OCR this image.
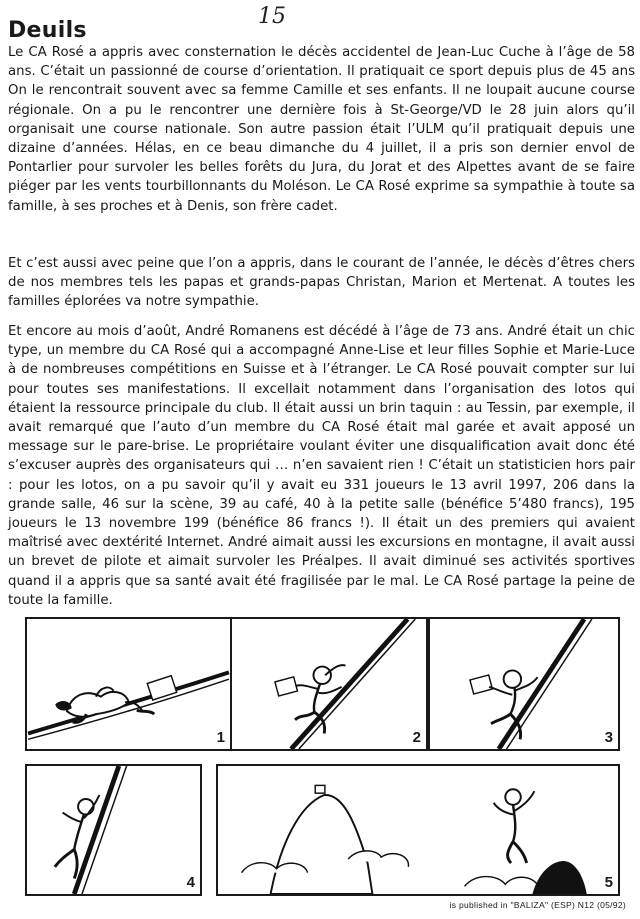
15
Deuils

Le CA Rosé a appris avec consternation le décès accidentel de Jean-Luc Cuche à l’âge de 58 ans. C’était un passionné de course d’orientation. Il pratiquait ce sport depuis plus de 45 ans On le rencontrait souvent avec sa femme Camille et ses enfants. Il ne loupait aucune course régionale. On a pu le rencontrer une dernière fois à St-George/VD le 28 juin alors qu’il organisait une course nationale. Son autre passion était l’ULM qu’il pratiquait depuis une dizaine d’années. Hélas, en ce beau dimanche du 4 juillet, il a pris son dernier envol de Pontarlier pour survoler les belles forêts du Jura, du Jorat et des Alpettes avant de se faire piéger par les vents tourbillonnants du Moléson. Le CA Rosé exprime sa sympathie à toute sa famille, à ses proches et à Denis, son frère cadet.

Et c’est aussi avec peine que l’on a appris, dans le courant de l’année, le décès d’êtres chers de nos membres tels les papas et grands-papas Christan, Marion et Mertenat. A toutes les familles éplorées va notre sympathie.

Et encore au mois d’août, André Romanens est décédé à l’âge de 73 ans. André était un chic type, un membre du CA Rosé qui a accompagné Anne-Lise et leur filles Sophie et Marie-Luce à de nombreuses compétitions en Suisse et à l’étranger. Le CA Rosé pouvait compter sur lui pour toutes ses manifestations. Il excellait notamment dans l’organisation des lotos qui étaient la ressource principale du club. Il était aussi un brin taquin : au Tessin, par exemple, il avait remarqué que l’auto d’un membre du CA Rosé était mal garée et avait apposé un message sur le pare-brise. Le propriétaire voulant éviter une disqualification avait donc été s’excuser auprès des organisateurs qui … n’en savaient rien ! C’était un statisticien hors pair : pour les lotos, on a pu savoir qu’il y avait eu 331 joueurs le 13 avril 1997, 206 dans la grande salle, 46 sur la scène, 39 au café, 40 à la petite salle (bénéfice 5’480 francs), 195 joueurs le 13 novembre 199 (bénéfice 86 francs !). Il était un des premiers qui avaient maîtrisé avec dextérité Internet. André aimait aussi les excursions en montagne, il avait aussi un brevet de pilote et aimait survoler les Préalpes. Il avait diminué ses activités sportives quand il a appris que sa santé avait été fragilisée par le mal. Le CA Rosé partage la peine de toute la famille.

1	2	3
4	5
is published in "BALIZA" (ESP) N12 (05/92)
